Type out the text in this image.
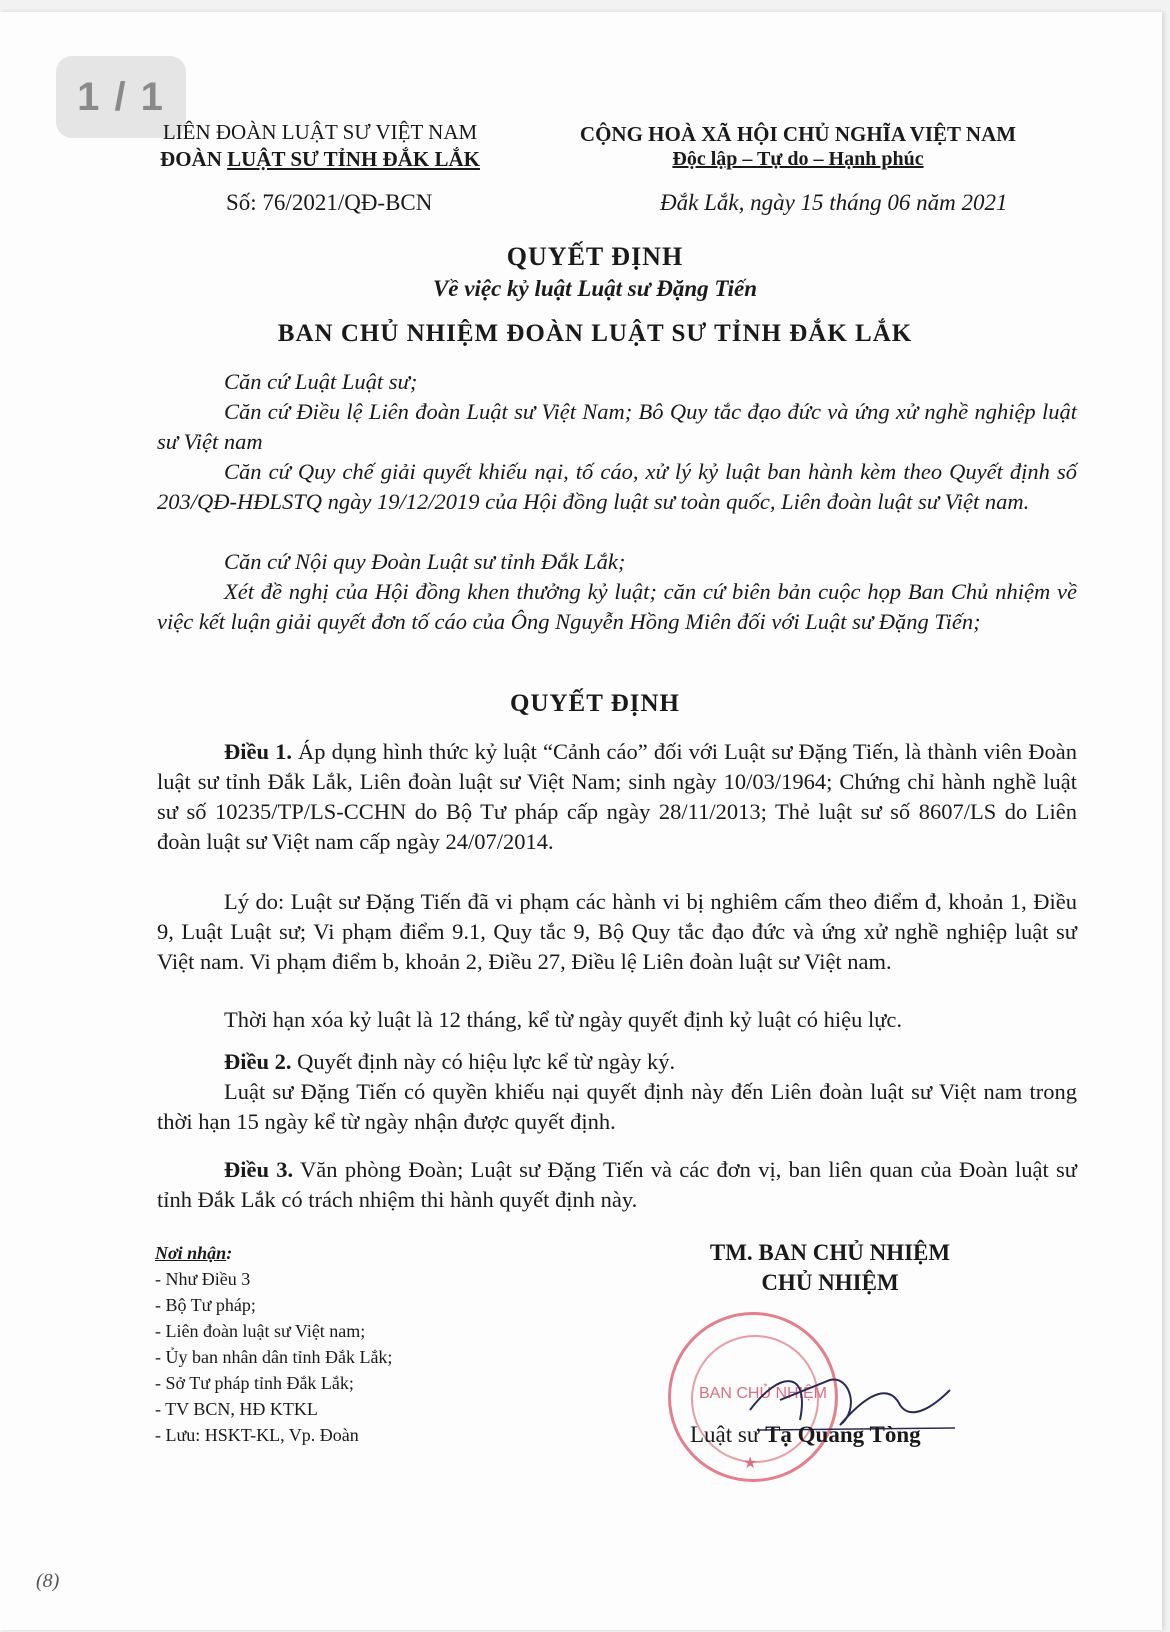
1 / 1
LIÊN ĐOÀN LUẬT SƯ VIỆT NAM
ĐOÀN LUẬT SƯ TỈNH ĐẮK LẮK
CỘNG HOÀ XÃ HỘI CHỦ NGHĨA VIỆT NAM
Độc lập – Tự do – Hạnh phúc
Số: 76/2021/QĐ-BCN	Đắk Lắk, ngày 15 tháng 06 năm 2021
QUYẾT ĐỊNH
Về việc kỷ luật Luật sư Đặng Tiến
BAN CHỦ NHIỆM ĐOÀN LUẬT SƯ TỈNH ĐẮK LẮK
Căn cứ Luật Luật sư;
Căn cứ Điều lệ Liên đoàn Luật sư Việt Nam; Bô Quy tắc đạo đức và ứng xử nghề nghiệp luật sư Việt nam
Căn cứ Quy chế giải quyết khiếu nại, tố cáo, xử lý kỷ luật ban hành kèm theo Quyết định số 203/QĐ-HĐLSTQ ngày 19/12/2019 của Hội đồng luật sư toàn quốc, Liên đoàn luật sư Việt nam.
Căn cứ Nội quy Đoàn Luật sư tỉnh Đắk Lắk;
Xét đề nghị của Hội đồng khen thưởng kỷ luật; căn cứ biên bản cuộc họp Ban Chủ nhiệm về việc kết luận giải quyết đơn tố cáo của Ông Nguyễn Hồng Miên đối với Luật sư Đặng Tiến;
QUYẾT ĐỊNH
Điều 1. Áp dụng hình thức kỷ luật “Cảnh cáo” đối với Luật sư Đặng Tiến, là thành viên Đoàn luật sư tỉnh Đắk Lắk, Liên đoàn luật sư Việt Nam; sinh ngày 10/03/1964; Chứng chỉ hành nghề luật sư số 10235/TP/LS-CCHN do Bộ Tư pháp cấp ngày 28/11/2013; Thẻ luật sư số 8607/LS do Liên đoàn luật sư Việt nam cấp ngày 24/07/2014.
Lý do: Luật sư Đặng Tiến đã vi phạm các hành vi bị nghiêm cấm theo điểm đ, khoản 1, Điều 9, Luật Luật sư; Vi phạm điểm 9.1, Quy tắc 9, Bộ Quy tắc đạo đức và ứng xử nghề nghiệp luật sư Việt nam. Vi phạm điểm b, khoản 2, Điều 27, Điều lệ Liên đoàn luật sư Việt nam.
Thời hạn xóa kỷ luật là 12 tháng, kể từ ngày quyết định kỷ luật có hiệu lực.
Điều 2. Quyết định này có hiệu lực kể từ ngày ký.
Luật sư Đặng Tiến có quyền khiếu nại quyết định này đến Liên đoàn luật sư Việt nam trong thời hạn 15 ngày kể từ ngày nhận được quyết định.
Điều 3. Văn phòng Đoàn; Luật sư Đặng Tiến và các đơn vị, ban liên quan của Đoàn luật sư tỉnh Đắk Lắk có trách nhiệm thi hành quyết định này.
Nơi nhận:
- Như Điều 3
- Bộ Tư pháp;
- Liên đoàn luật sư Việt nam;
- Ủy ban nhân dân tỉnh Đắk Lắk;
- Sở Tư pháp tỉnh Đắk Lắk;
- TV BCN, HĐ KTKL
- Lưu: HSKT-KL, Vp. Đoàn
TM. BAN CHỦ NHIỆM
CHỦ NHIỆM
BAN CHỦ NHIỆM
★
Luật sư Tạ Quang Tòng
(8)
